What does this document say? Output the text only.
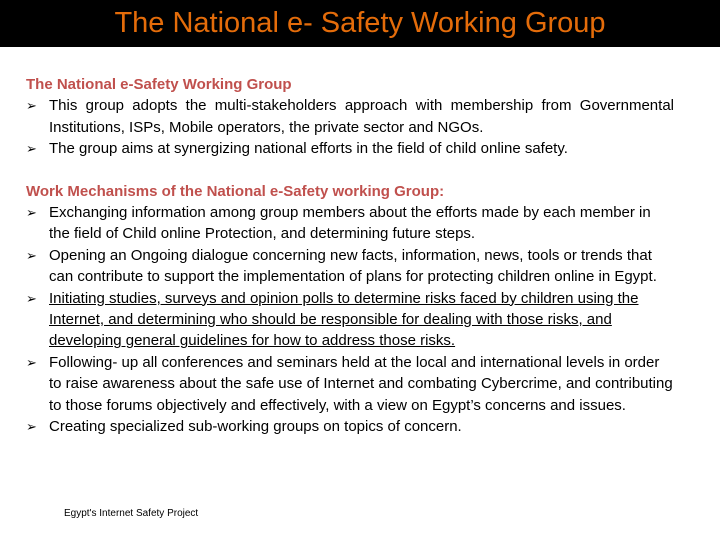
The National e- Safety Working Group
The National e-Safety Working Group
➢ This group adopts the multi-stakeholders approach with membership from Governmental Institutions, ISPs, Mobile operators, the private sector and NGOs.
➢ The group aims at synergizing national efforts in the field of child online safety.
Work Mechanisms of the National e-Safety working Group:
➢ Exchanging information among group members about the efforts made by each member in the field of Child online Protection, and determining future steps.
➢ Opening an Ongoing dialogue concerning new facts, information, news, tools or trends that can contribute to support the implementation of plans for protecting children online in Egypt.
➢ Initiating studies, surveys and opinion polls to determine risks faced by children using the Internet, and determining who should be responsible for dealing with those risks, and developing general guidelines for how to address those risks.
➢ Following- up all conferences and seminars held at the local and international levels in order to raise awareness about the safe use of Internet and combating Cybercrime, and contributing to those forums objectively and effectively, with a view on Egypt’s concerns and issues.
➢ Creating specialized sub-working groups on topics of concern.
Egypt's Internet Safety Project
